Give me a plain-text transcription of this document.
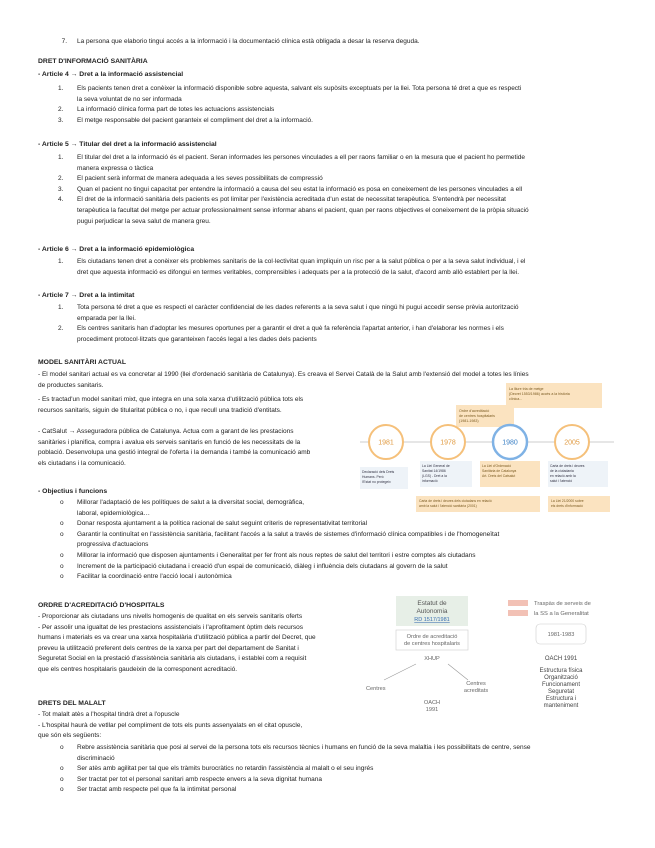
7. La persona que elaborio tingui accés a la informació i la documentació clínica està obligada a desar la reserva deguda.
DRET D'INFORMACIÓ SANITÀRIA
- Article 4 → Dret a la informació assistencial
1. Els pacients tenen dret a conèixer la informació disponible sobre aquesta, salvant els supòsits exceptuats per la llei. Tota persona té dret a que es respecti
la seva voluntat de no ser informada
2. La informació clínica forma part de totes les actuacions assistencials
3. El metge responsable del pacient garanteix el compliment del dret a la informació.
- Article 5 → Titular del dret a la informació assistencial
1. El titular del dret a la informació és el pacient. Seran informades les persones vinculades a ell per raons familiar o en la mesura que el pacient ho permetide
manera expressa o tàctica
2. El pacient serà informat de manera adequada a les seves possibilitats de compressió
3. Quan el pacient no tingui capacitat per entendre la informació a causa del seu estat la informació es posa en coneixement de les persones vinculades a ell
4. El dret de la informació sanitària dels pacients es pot limitar per l'existència acreditada d'un estat de necessitat terapèutica. S'entendrà per necessitat
terapèutica la facultat del metge per actuar professionalment sense informar abans el pacient, quan per raons objectives el coneixement de la pròpia situació
pugui perjudicar la seva salut de manera greu.
- Article 6 → Dret a la informació epidemiològica
1. Els ciutadans tenen dret a conèixer els problemes sanitaris de la col·lectivitat quan impliquin un risc per a la salut pública o per a la seva salut individual, i el
dret que aquesta informació es difongui en termes veritables, comprensibles i adequats per a la protecció de la salut, d'acord amb allò establert per la llei.
- Article 7 → Dret a la intimitat
1. Tota persona té dret a que es respecti el caràcter confidencial de les dades referents a la seva salut i que ningú hi pugui accedir sense prèvia autorització
emparada per la llei.
2. Els centres sanitaris han d'adoptar les mesures oportunes per a garantir el dret a què fa referència l'apartat anterior, i han d'elaborar les normes i els
procediment protocol·litzats que garanteixen l'accés legal a les dades dels pacients
MODEL SANITÀRI ACTUAL
- El model sanitari actual es va concretar al 1990 (llei d'ordenació sanitària de Catalunya). Es creava el Servei Català de la Salut amb l'extensió del model a totes les línies
de productes sanitaris.
- Es tractad'un model sanitari mixt, que integra en una sola xarxa d'utilització pública tots els
recursos sanitaris, siguin de titularitat pública o no, i que recull una tradició d'entitats.
- CatSalut → Asseguradora pública de Catalunya. Actua com a garant de les prestacions
sanitàries i planifica, compra i avalua els serveis sanitaris en funció de les necessitats de la
població. Desenvolupa una gestió integral de l'oferta i la demanda i també la comunicació amb
els ciutadans i la comunicació.
- Objectius i funcions
o Millorar l'adaptació de les polítiques de salut a la diversitat social, demogràfica,
laboral, epidemiològica…
o Donar resposta ajuntament a la política racional de salut seguint criteris de representativitat territorial
o Garantir la continuïtat en l'assistència sanitària, facilitant l'accés a la salut a través de sistemes d'informació clínica compatibles i de l'homogeneïtat
progressiva d'actuacions
o Millorar la informació que disposen ajuntaments i Generalitat per fer front als nous reptes de salut del territori i estre comptes als ciutadans
o Increment de la participació ciutadana i creació d'un espai de comunicació, diàleg i influència dels ciutadans al govern de la salut
o Facilitar la coordinació entre l'acció local i autonòmica
La lliure tria de metge
(Decret 1553/1986) accés a la història
clínica...
Ordre d'acreditació
de centres hospitalaris
(1981-1983)
1981	1978	1980	2005
Declaració dels Drets
Humans. Però
l'Estat no protegeix
La Llei General de
Sanitat 14/1986
(LGS) - Dret a la
informació
La Llei d'Ordenació
Sanitària de Catalunya
Art. Drets del Catsalut
Carta de drets i deures
de la ciutadania
en relació amb la
salut i l'atenció
Carta de drets i deures dels ciutadans en relació
amb la salut i l'atenció sanitària (2001)
La Llei 21/2000 sobre
els drets d'informació
ORDRE D'ACREDITACIÓ D'HOSPITALS
- Proporcionar als ciutadans uns nivells homogenis de qualitat en els serveis sanitaris oferts
- Per assolir una igualtat de les prestacions assistencials i l'aprofitament òptim dels recursos
humans i materials es va crear una xarxa hospitalària d'utilització pública a partir del Decret, que
preveu la utilització preferent dels centres de la xarxa per part del departament de Sanitat i
Seguretat Social en la prestació d'assistència sanitària als ciutadans, i establei com a requisit
que els centres hospitalaris gaudeixin de la corresponent acreditació.
Estatut de
Autonomia
RD 1517/1981
Ordre de acreditació
de centres hospitalaris
Traspàs de serveis de
la SS a la Generalitat
1981-1983
XHUP
Centres
Centres
acreditats
OACH
1991
OACH 1991
Estructura física
Organització
Funcionament
Seguretat
Estructura i
manteniment
DRETS DEL MALALT
- Tot malalt atès a l'hospital tindrà dret a l'opuscle
- L'hospital haurà de vetllar pel compliment de tots els punts assenyalats en el citat opuscle,
que són els següents:
o Rebre assistència sanitària que posi al servei de la persona tots els recursos tècnics i humans en funció de la seva malaltia i les possibilitats de centre, sense
discriminació
o Ser atès amb agilitat per tal que els tràmits burocràtics no retardin l'assistència al malalt o el seu ingrés
o Ser tractat per tot el personal sanitari amb respecte envers a la seva dignitat humana
o Ser tractat amb respecte pel que fa la intimitat personal
